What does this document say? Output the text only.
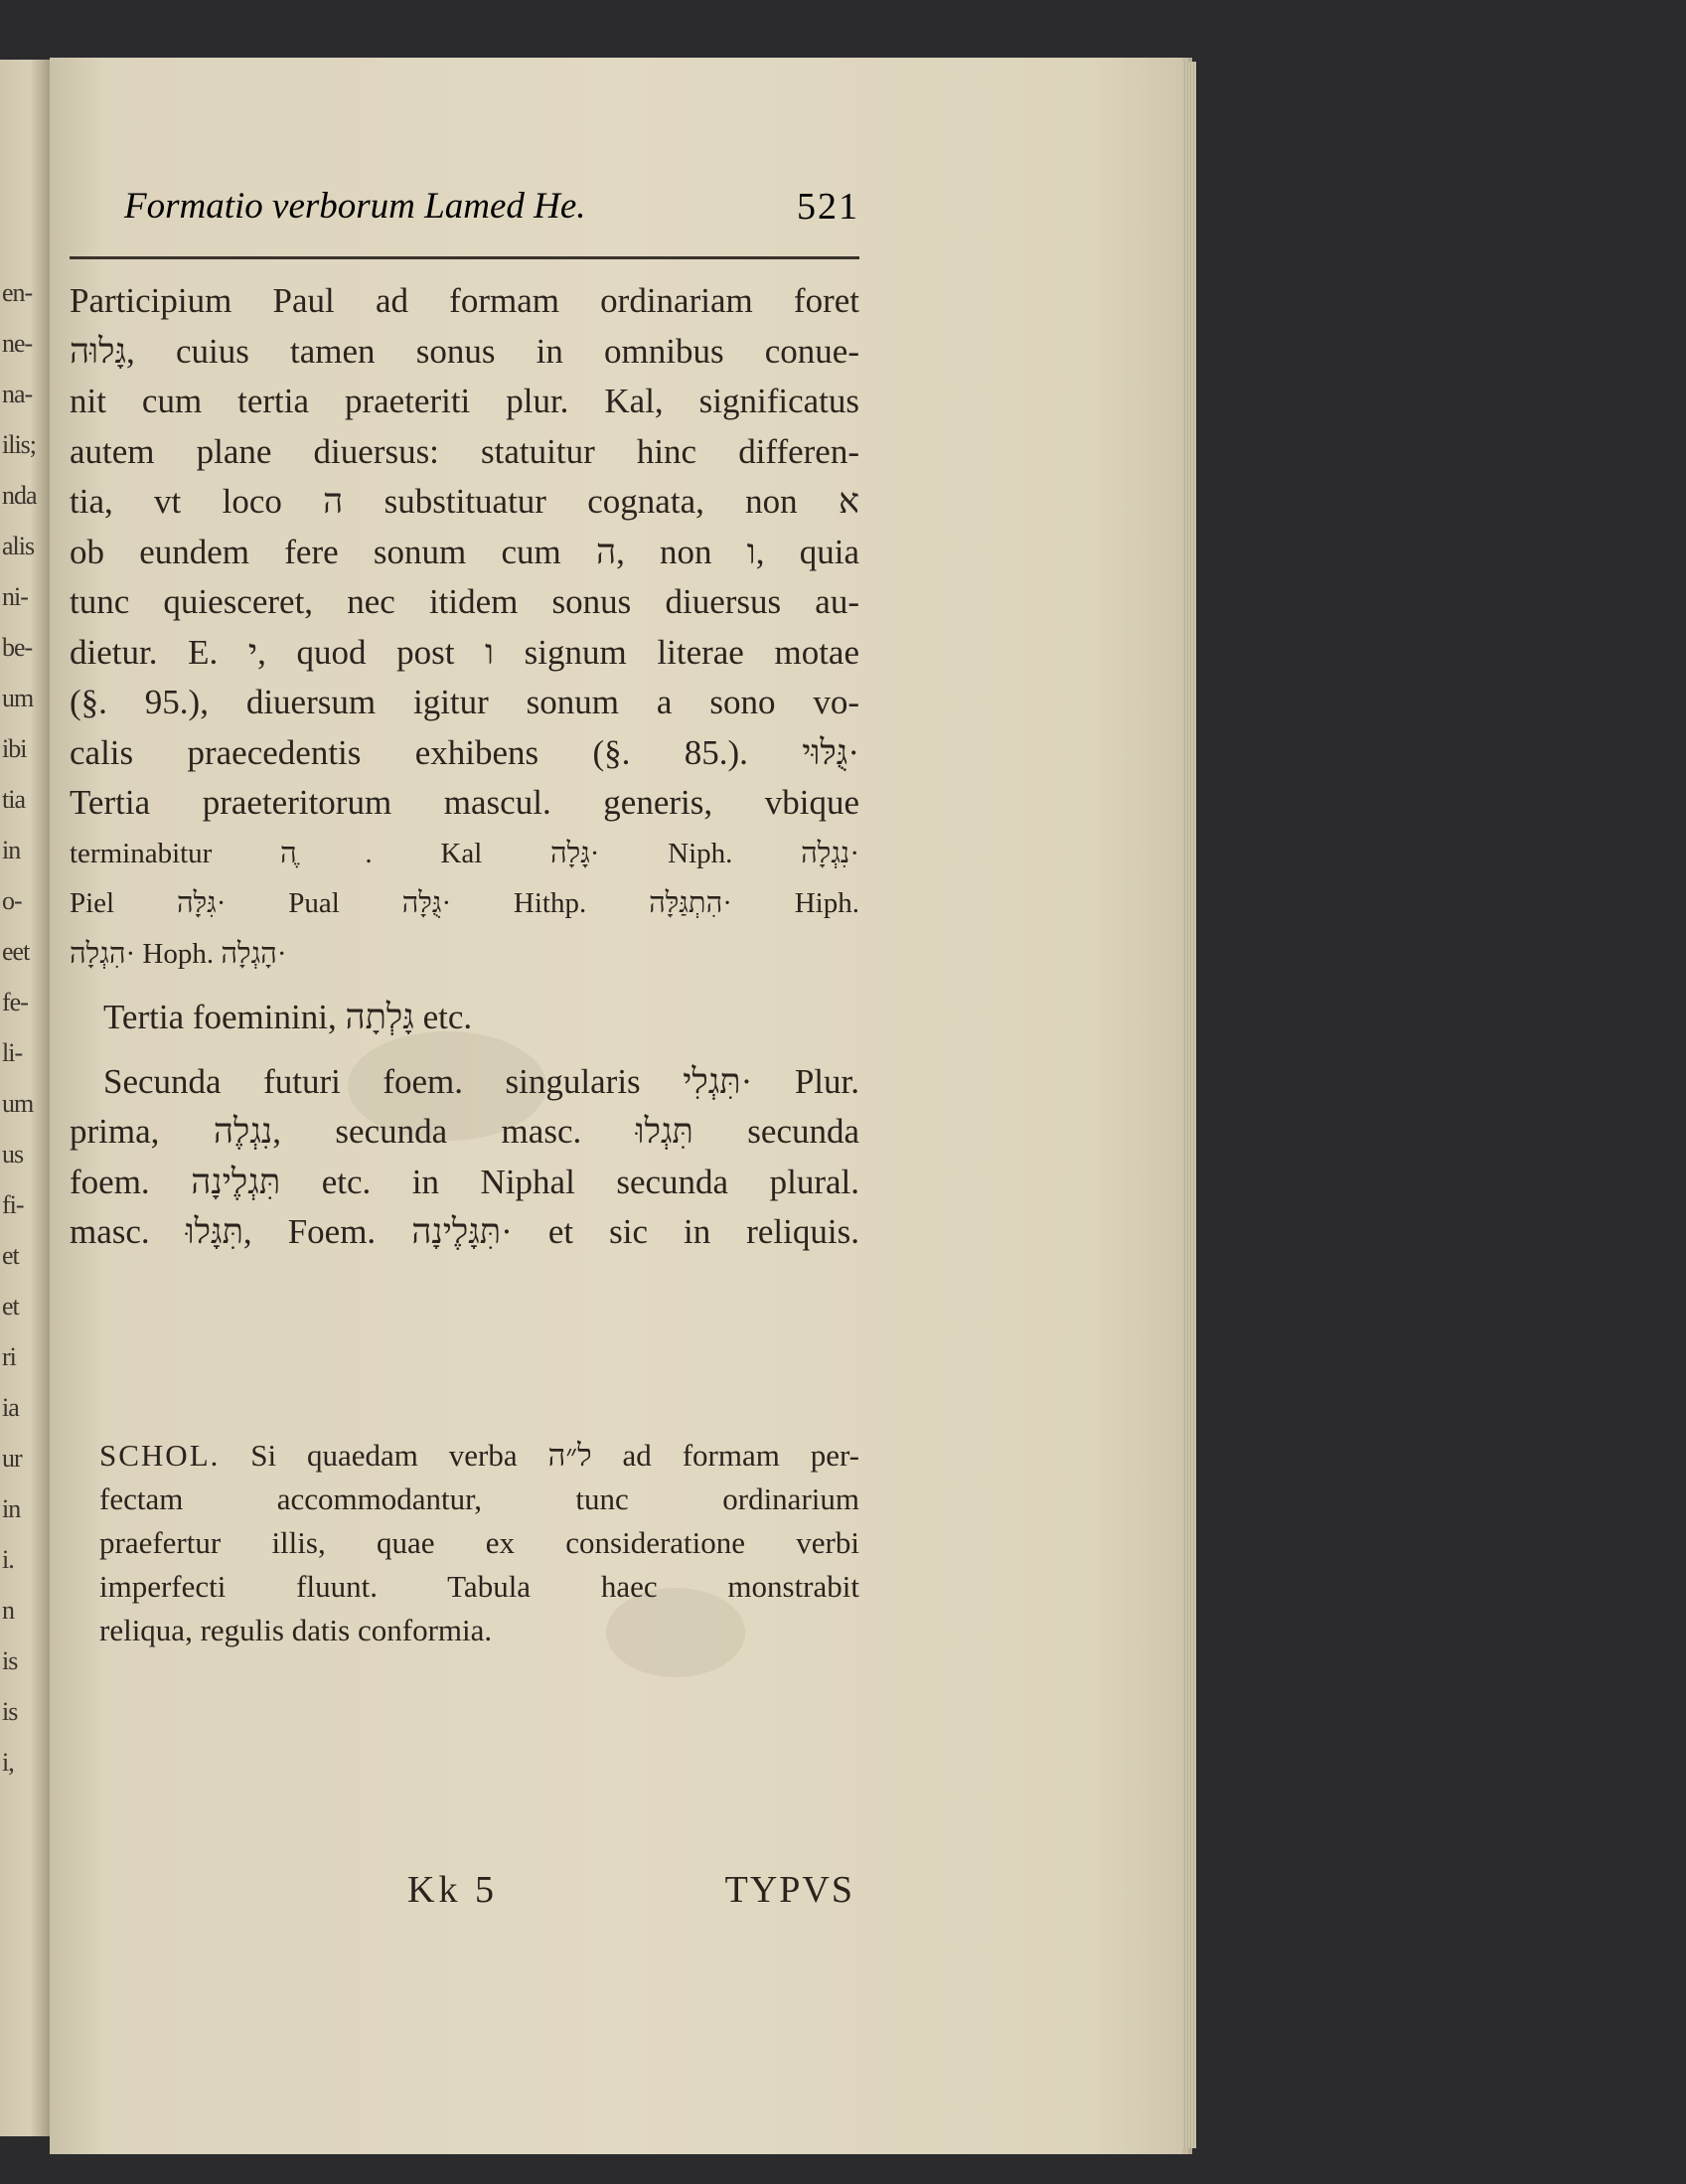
en-
ne-
na-
ilis;
nda
alis
ni-
be-
um
ibi
tia
in
o-
eet
fe-
li-
um
us
fi-
et
et
ri
ia
ur
in
i.
n
is
is
i,
Formatio verborum Lamed He.	521
Participium Paul ad formam ordinariam foret
גָּלוּה, cuius tamen sonus in omnibus conue-
nit cum tertia praeteriti plur. Kal, significatus
autem plane diuersus: statuitur hinc differen-
tia, vt loco ה substituatur cognata, non א
ob eundem fere sonum cum ה, non ו, quia
tunc quiesceret, nec itidem sonus diuersus au-
dietur. E. י, quod post ו signum literae motae
(§. 95.), diuersum igitur sonum a sono vo-
calis praecedentis exhibens (§. 85.). גֻּלּוּי·
Tertia praeteritorum mascul. generis, vbique
terminabitur ה ֶ. Kal גָּלָה· Niph. נִגְלָה·
Piel גִּלָּה· Pual גֻּלָּה· Hithp. הִתְגַּלָּה· Hiph.
הִגְלָה· Hoph. הָגְלָה·
Tertia foeminini, גָּלְתָה etc.
Secunda futuri foem. singularis תִּגְלִי· Plur.
prima, נִגְלֶה, secunda masc. תִּגְלוּ secunda
foem. תִּגְלֶינָה etc. in Niphal secunda plural.
masc. תִּגָּלוּ, Foem. תִּגָּלֶינָה· et sic in reliquis.
SCHOL. Si quaedam verba ל״ה ad formam per-
fectam accommodantur, tunc ordinarium
praefertur illis, quae ex consideratione verbi
imperfecti fluunt. Tabula haec monstrabit
reliqua, regulis datis conformia.
Kk 5	TYPVS
